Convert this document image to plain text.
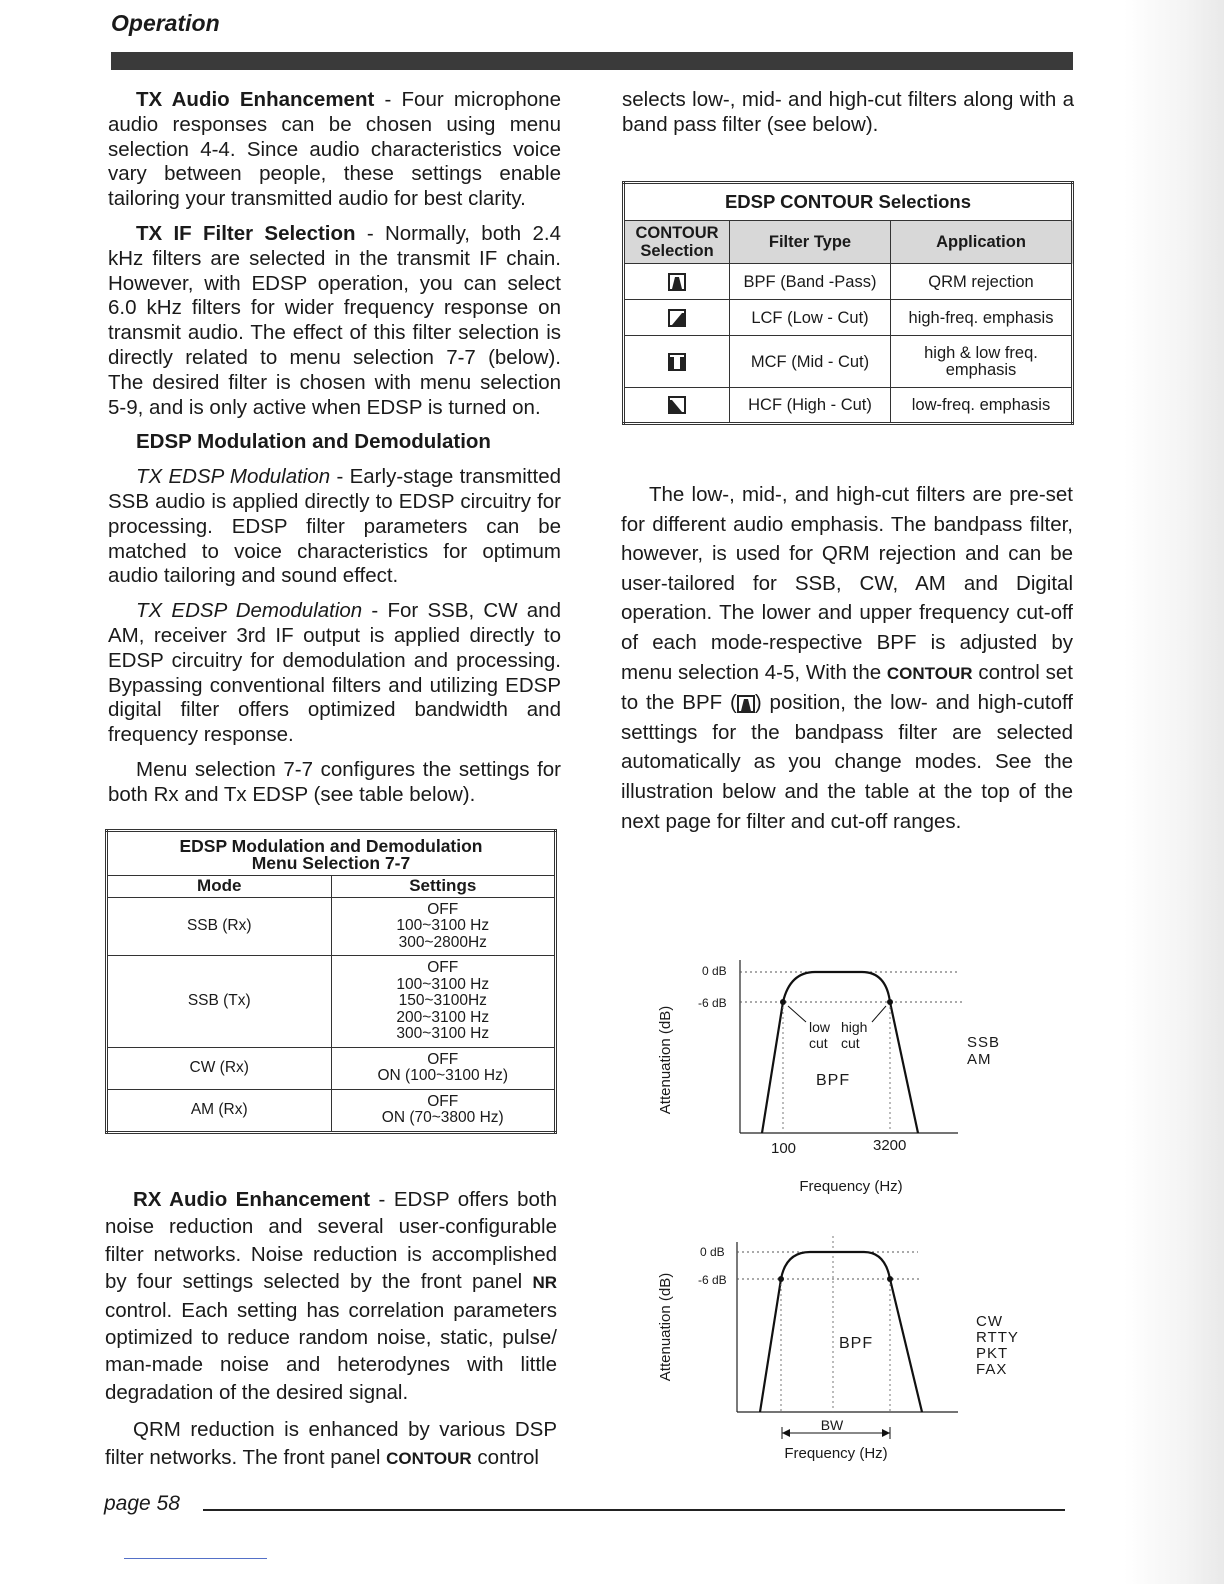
Operation

TX Audio Enhancement - Four microphone audio responses can be chosen using menu selection 4-4. Since audio characteristics voice vary between people, these settings enable tailoring your transmitted audio for best clarity.

TX IF Filter Selection - Normally, both 2.4 kHz filters are selected in the transmit IF chain. However, with EDSP operation, you can select 6.0 kHz filters for wider frequency response on transmit audio. The effect of this filter selection is directly related to menu selection 7-7 (below). The desired filter is chosen with menu selection 5-9, and is only active when EDSP is turned on.

EDSP Modulation and Demodulation

TX EDSP Modulation - Early-stage transmitted SSB audio is applied directly to EDSP circuitry for processing. EDSP filter parameters can be matched to voice characteristics for optimum audio tailoring and sound effect.

TX EDSP Demodulation - For SSB, CW and AM, receiver 3rd IF output is applied directly to EDSP circuitry for demodulation and processing. Bypassing conventional filters and utilizing EDSP digital filter offers optimized bandwidth and frequency response.

Menu selection 7-7 configures the settings for both Rx and Tx EDSP (see table below).

EDSP Modulation and Demodulation
Menu Selection 7-7	
Mode	Settings
SSB (Rx)	OFF
100~3100 Hz
300~2800Hz
SSB (Tx)	OFF
100~3100 Hz
150~3100Hz
200~3100 Hz
300~3100 Hz
CW (Rx)	OFF
ON (100~3100 Hz)
AM (Rx)	OFF
ON (70~3800 Hz)

RX Audio Enhancement - EDSP offers both noise reduction and several user-configurable filter networks. Noise reduction is accomplished by four settings selected by the front panel NR control. Each setting has correlation parameters optimized to reduce random noise, static, pulse/ man-made noise and heterodynes with little degradation of the desired signal.

QRM reduction is enhanced by various DSP filter networks. The front panel CONTOUR control

selects low-, mid- and high-cut filters along with a band pass filter (see below).

EDSP CONTOUR Selections		
CONTOUR
Selection	Filter Type	Application

	BPF (Band -Pass)	QRM rejection

	LCF (Low - Cut)	high-freq. emphasis

	MCF (Mid - Cut)	high & low freq. emphasis

	HCF (High - Cut)	low-freq. emphasis

The low-, mid-, and high-cut filters are pre-set for different audio emphasis. The bandpass filter, however, is used for QRM rejection and can be user-tailored for SSB, CW, AM and Digital operation. The lower and upper frequency cut-off of each mode-respective BPF is adjusted by menu selection 4-5, With the CONTOUR control set to the BPF ( ) position, the low- and high-cutoff setttings for the bandpass filter are selected automatically as you change modes. See the illustration below and the table at the top of the next page for filter and cut-off ranges.

Attenuation (dB)
0 dB
-6 dB
low high
cut cut
BPF
100	3200
Frequency (Hz)
SSB
AM
Attenuation (dB)
0 dB
-6 dB
BPF
BW
Frequency (Hz)
CW
RTTY
PKT
FAX
page 58
